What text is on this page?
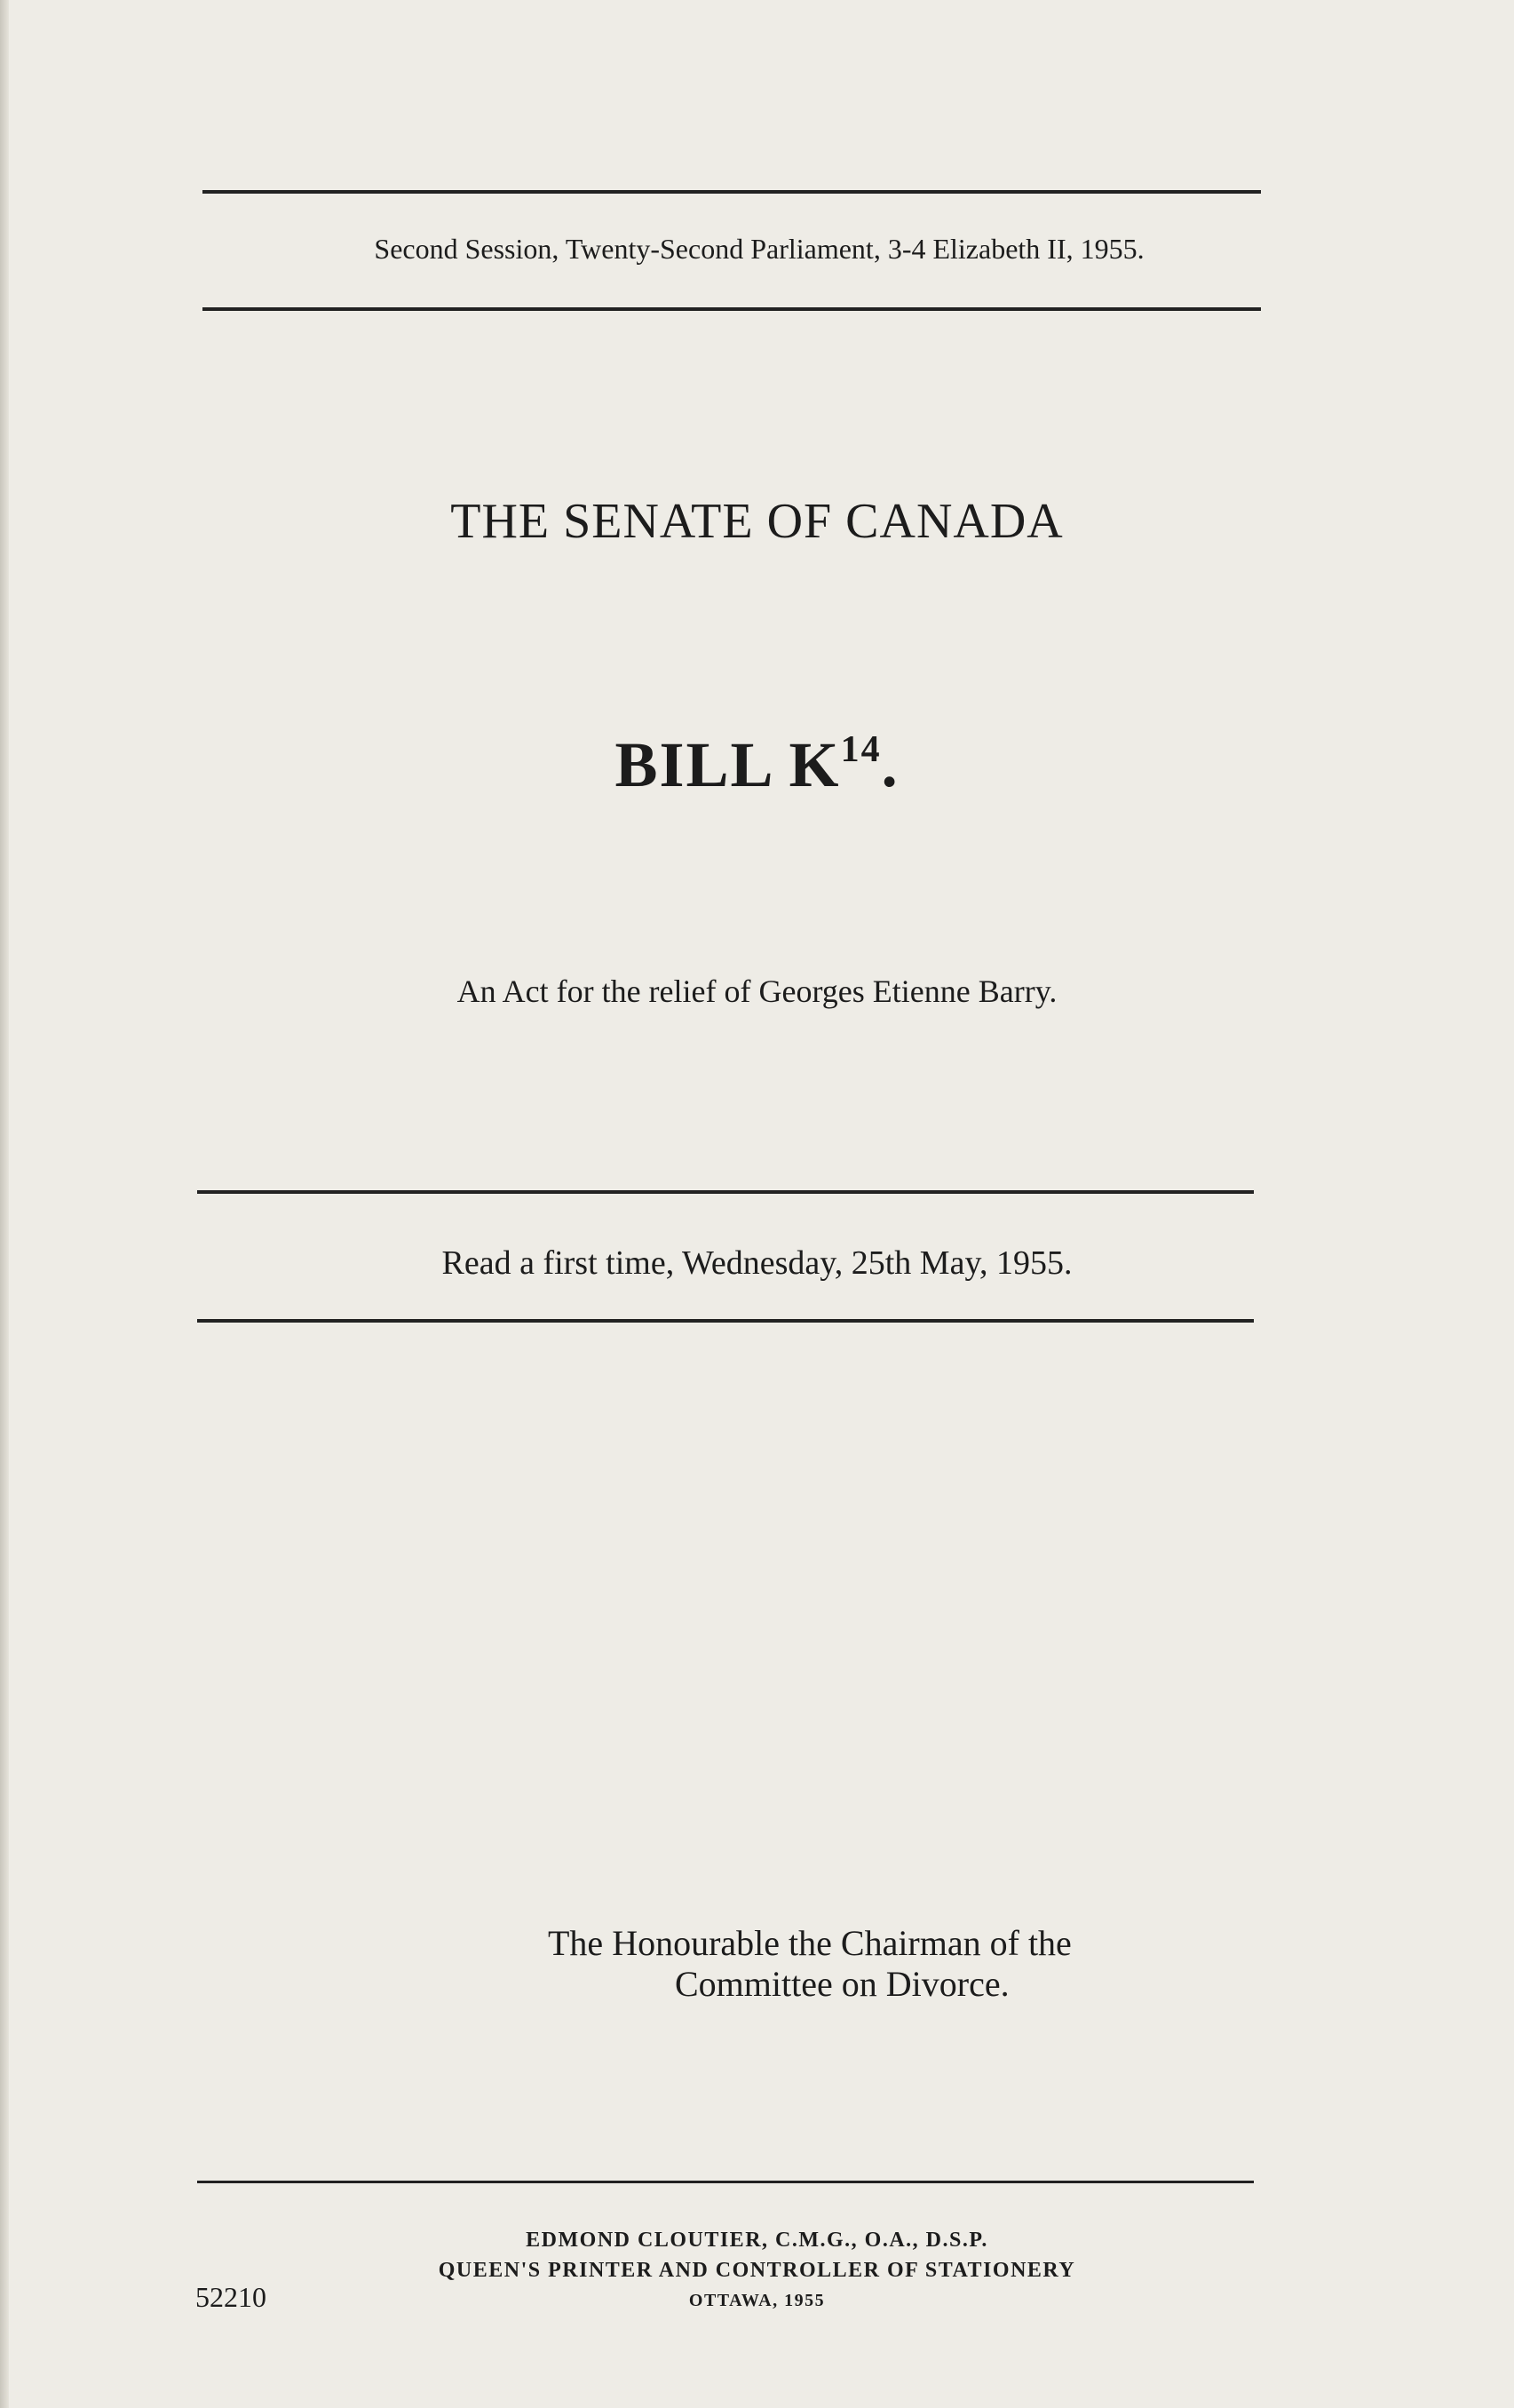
Second Session, Twenty-Second Parliament, 3-4 Elizabeth II, 1955.
THE SENATE OF CANADA
BILL $K^{14}$.
An Act for the relief of Georges Etienne Barry.
Read a first time, Wednesday, 25th May, 1955.
The Honourable the Chairman of the
Committee on Divorce.
EDMOND CLOUTIER, C.M.G., O.A., D.S.P.
QUEEN'S PRINTER AND CONTROLLER OF STATIONERY
OTTAWA, 1955
52210
